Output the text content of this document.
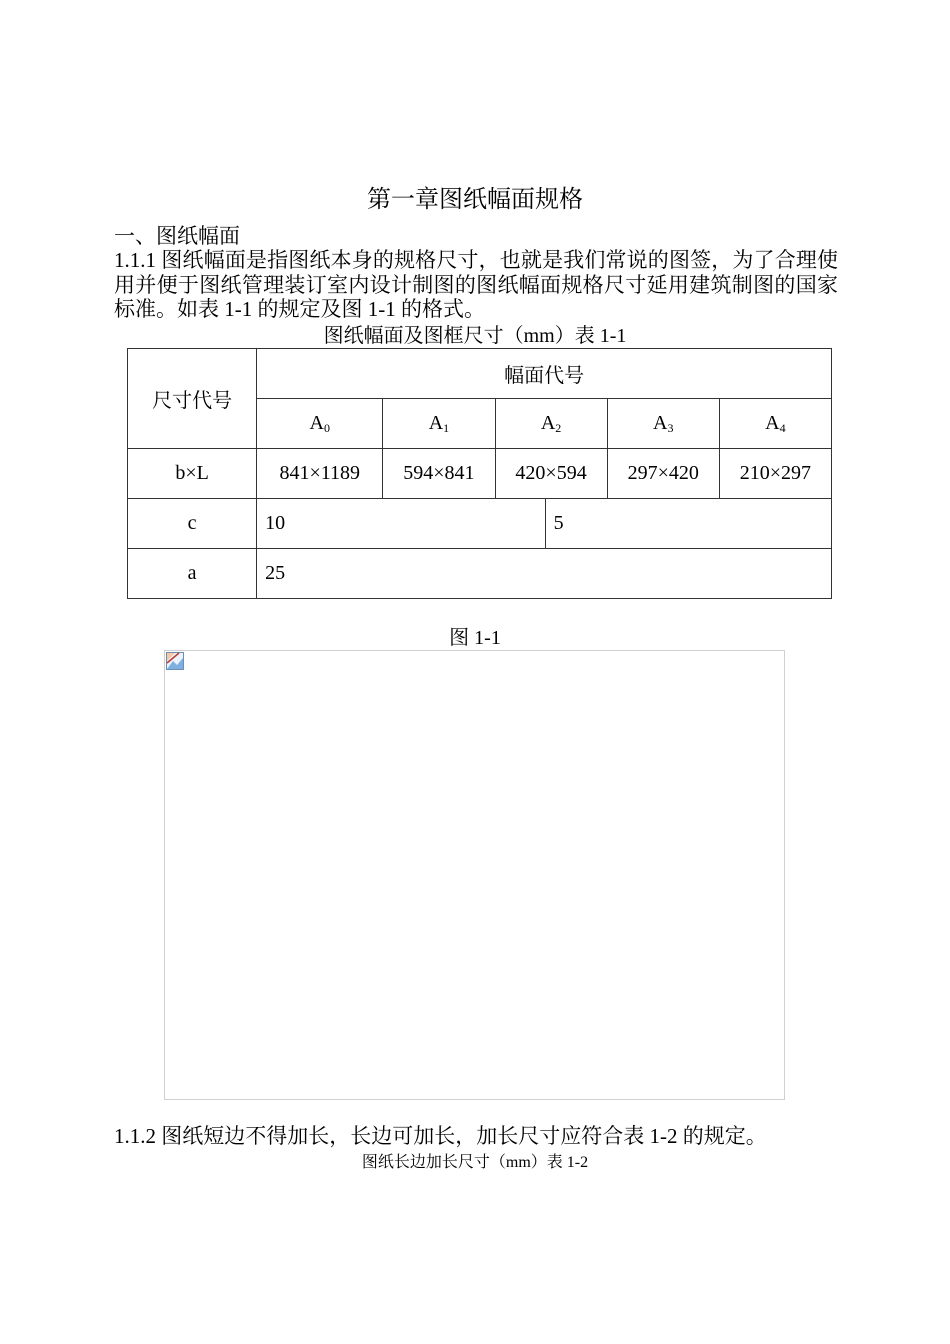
第一章图纸幅面规格
一、图纸幅面
1.1.1 图纸幅面是指图纸本身的规格尺寸，也就是我们常说的图签，为了合理使用并便于图纸管理装订室内设计制图的图纸幅面规格尺寸延用建筑制图的国家标准。如表 1-1 的规定及图 1-1 的格式。
图纸幅面及图框尺寸（mm）表 1-1
尺寸代号	幅面代号					
	$A_0$	$A_1$	$A_2$		$A_3$	$A_4$
b×L	841×1189	594×841	420×594		297×420	210×297
c	10			5		
a	25					
图 1-1
1.1.2 图纸短边不得加长，长边可加长，加长尺寸应符合表 1-2 的规定。
图纸长边加长尺寸（mm）表 1-2
